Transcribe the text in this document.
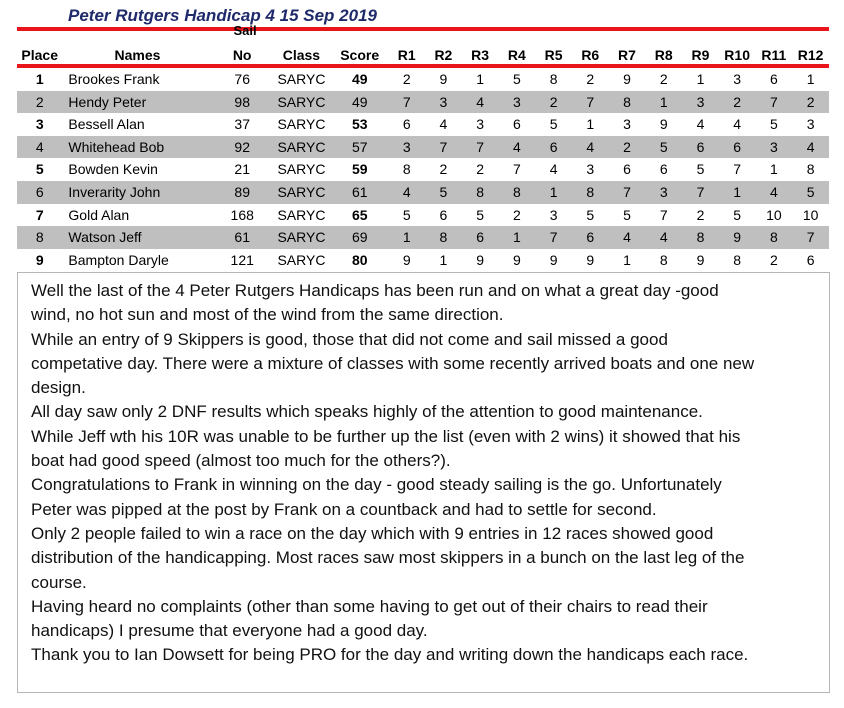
Peter Rutgers Handicap 4 15 Sep 2019
Sail
Place	Names	No	Class	Score	R1	R2	R3	R4	R5	R6	R7	R8	R9	R10 R11 R12
1	Brookes Frank	76	SARYC	49	2	9	1	5	8	2	9	2	1	3	6	1
2	Hendy Peter	98	SARYC	49	7	3	4	3	2	7	8	1	3	2	7	2
3	Bessell Alan	37	SARYC	53	6	4	3	6	5	1	3	9	4	4	5	3
4	Whitehead Bob	92	SARYC	57	3	7	7	4	6	4	2	5	6	6	3	4
5	Bowden Kevin	21	SARYC	59	8	2	2	7	4	3	6	6	5	7	1	8
6	Inverarity John	89	SARYC	61	4	5	8	8	1	8	7	3	7	1	4	5
7	Gold Alan	168	SARYC	65	5	6	5	2	3	5	5	7	2	5	10	10
8	Watson Jeff	61	SARYC	69	1	8	6	1	7	6	4	4	8	9	8	7
9	Bampton Daryle	121	SARYC	80	9	1	9	9	9	9	1	8	9	8	2	6

Well the last of the 4 Peter Rutgers Handicaps has been run and on what a great day -good

wind, no hot sun and most of the wind from the same direction.

While an entry of 9 Skippers is good, those that did not come and sail missed a good

competative day. There were a mixture of classes with some recently arrived boats and one new

design.

All day saw only 2 DNF results which speaks highly of the attention to good maintenance.

While Jeff wth his 10R was unable to be further up the list (even with 2 wins) it showed that his

boat had good speed (almost too much for the others?).

Congratulations to Frank in winning on the day - good steady sailing is the go. Unfortunately

Peter was pipped at the post by Frank on a countback and had to settle for second.

Only 2 people failed to win a race on the day which with 9 entries in 12 races showed good

distribution of the handicapping. Most races saw most skippers in a bunch on the last leg of the

course.

Having heard no complaints (other than some having to get out of their chairs to read their

handicaps) I presume that everyone had a good day.

Thank you to Ian Dowsett for being PRO for the day and writing down the handicaps each race.
